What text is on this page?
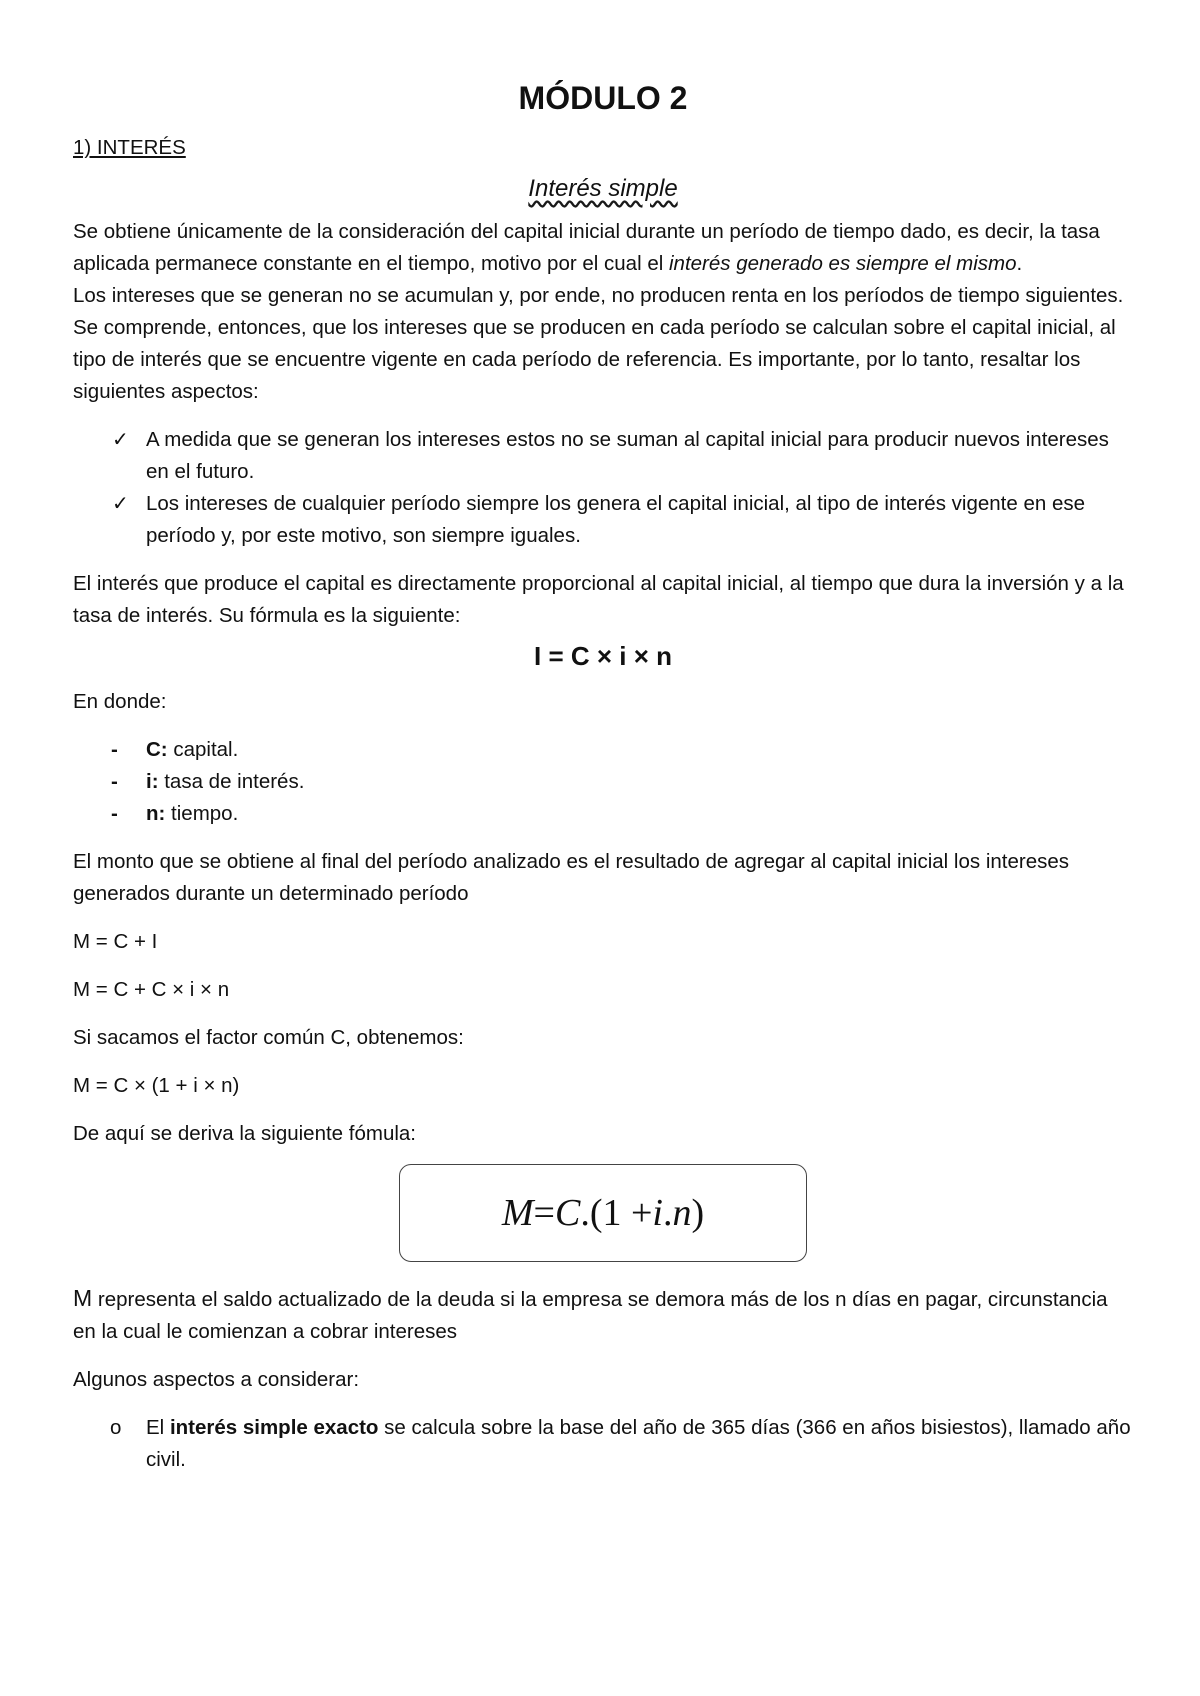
MÓDULO 2
1) INTERÉS
Interés simple

Se obtiene únicamente de la consideración del capital inicial durante un período de tiempo dado, es decir, la tasa aplicada permanece constante en el tiempo, motivo por el cual el interés generado es siempre el mismo.

Los intereses que se generan no se acumulan y, por ende, no producen renta en los períodos de tiempo siguientes. Se comprende, entonces, que los intereses que se producen en cada período se calculan sobre el capital inicial, al tipo de interés que se encuentre vigente en cada período de referencia. Es importante, por lo tanto, resaltar los siguientes aspectos:

✓ A medida que se generan los intereses estos no se suman al capital inicial para producir nuevos intereses en el futuro.
✓ Los intereses de cualquier período siempre los genera el capital inicial, al tipo de interés vigente en ese período y, por este motivo, son siempre iguales.

El interés que produce el capital es directamente proporcional al capital inicial, al tiempo que dura la inversión y a la tasa de interés. Su fórmula es la siguiente:

I = C × i × n

En donde:

- C: capital.
- i: tasa de interés.
- n: tiempo.

El monto que se obtiene al final del período analizado es el resultado de agregar al capital inicial los intereses generados durante un determinado período

M = C + I

M = C + C × i × n

Si sacamos el factor común C, obtenemos:

M = C × (1 + i × n)

De aquí se deriva la siguiente fómula:

M = C .(1 + i . n )

M representa el saldo actualizado de la deuda si la empresa se demora más de los n días en pagar, circunstancia en la cual le comienzan a cobrar intereses

Algunos aspectos a considerar:

o El interés simple exacto se calcula sobre la base del año de 365 días (366 en años bisiestos), llamado año civil.
